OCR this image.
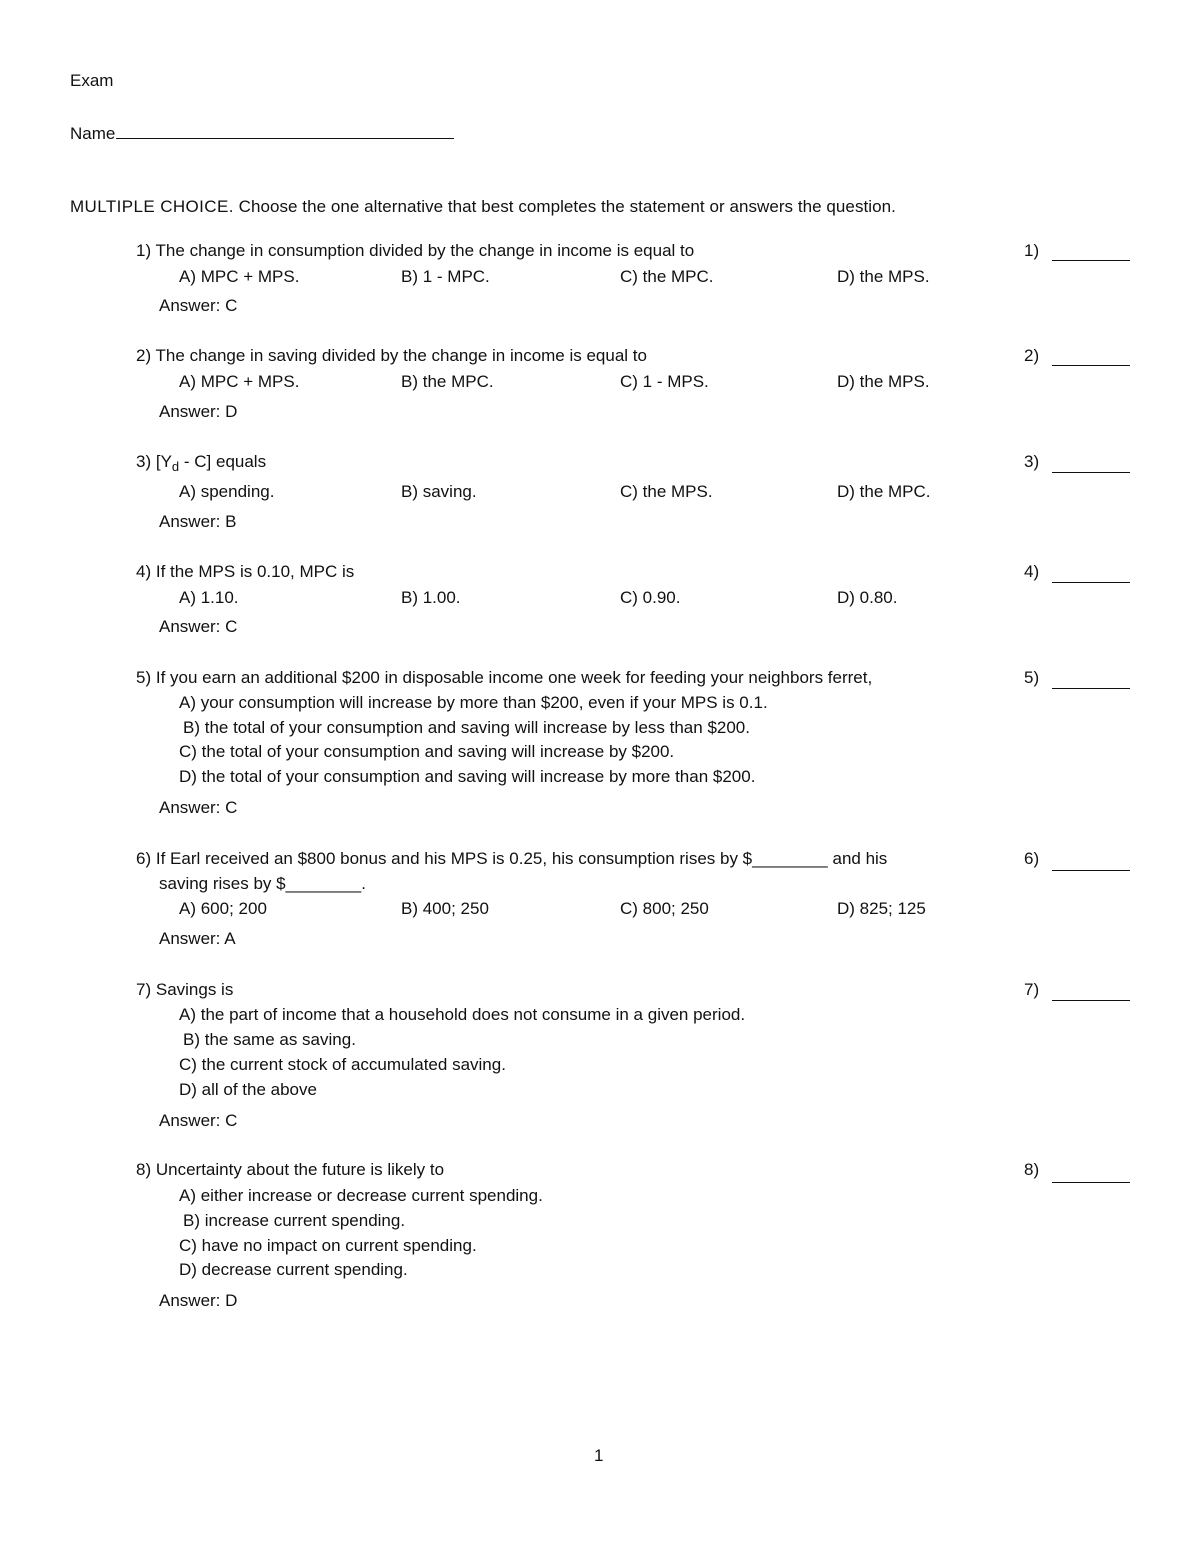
Exam
Name
MULTIPLE CHOICE. Choose the one alternative that best completes the statement or answers the question.
1) The change in consumption divided by the change in income is equal to	1)
A) MPC + MPS.	B) 1 - MPC.	C) the MPC.	D) the MPS.
Answer: C
2) The change in saving divided by the change in income is equal to	2)
A) MPC + MPS.	B) the MPC.	C) 1 - MPS.	D) the MPS.
Answer: D
3) $[Y_d - C]$ equals	3)
A) spending.	B) saving.	C) the MPS.	D) the MPC.
Answer: B
4) If the MPS is 0.10, MPC is	4)
A) 1.10.	B) 1.00.	C) 0.90.	D) 0.80.
Answer: C
5) If you earn an additional $200 in disposable income one week for feeding your neighbors ferret,	5)
A) your consumption will increase by more than $200, even if your MPS is 0.1.
B) the total of your consumption and saving will increase by less than $200.
C) the total of your consumption and saving will increase by $200.
D) the total of your consumption and saving will increase by more than $200.
Answer: C
6) If Earl received an $800 bonus and his MPS is 0.25, his consumption rises by $________ and his
saving rises by $________.
6)
A) 600; 200	B) 400; 250	C) 800; 250	D) 825; 125
Answer: A
7) Savings is	7)
A) the part of income that a household does not consume in a given period.
B) the same as saving.
C) the current stock of accumulated saving.
D) all of the above
Answer: C
8) Uncertainty about the future is likely to	8)
A) either increase or decrease current spending.
B) increase current spending.
C) have no impact on current spending.
D) decrease current spending.
Answer: D
1
